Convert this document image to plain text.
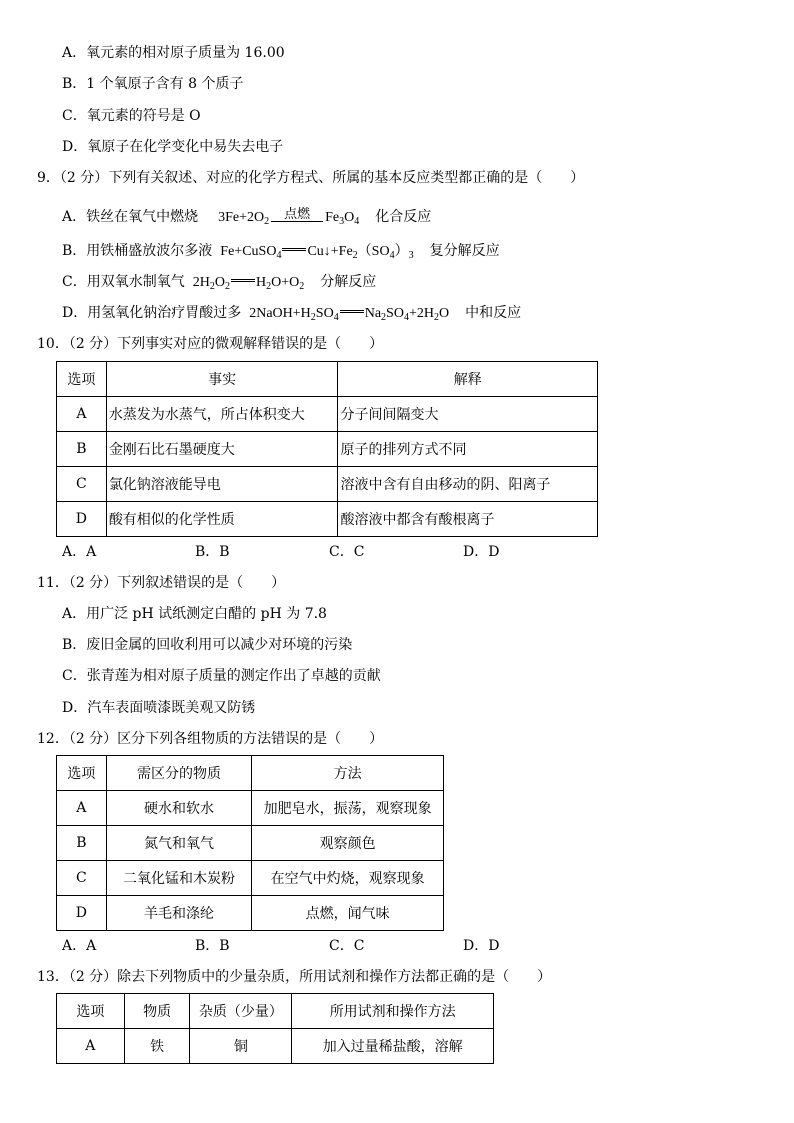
A．氧元素的相对原子质量为 16.00
B．1 个氧原子含有 8 个质子
C．氧元素的符号是 O
D．氧原子在化学变化中易失去电子
9．（2 分）下列有关叙述、对应的化学方程式、所属的基本反应类型都正确的是（　　）
A．铁丝在氧气中燃烧 $3Fe+2O_2$
点燃	$Fe_3O_4$ 化合反应
B．用铁桶盛放波尔多液 Fe+CuSO$_4$ $Cu↓+Fe_2(SO_4)_3$ 复分解反应
C．用双氧水制氧气 $2H_2O_2$ $H_2O+O_2$ 分解反应
D．用氢氧化钠治疗胃酸过多 $2NaOH+H_2SO_4$ $Na_2SO_4+2H_2O$ 中和反应
10．（2 分）下列事实对应的微观解释错误的是（　　）
选项	事实	解释
A	水蒸发为水蒸气，所占体积变大	分子间间隔变大
B	金刚石比石墨硬度大	原子的排列方式不同
C	氯化钠溶液能导电	溶液中含有自由移动的阴、阳离子
D	酸有相似的化学性质	酸溶液中都含有酸根离子
A．A	B．B	C．C	D．D
11．（2 分）下列叙述错误的是（　　）
A．用广泛 pH 试纸测定白醋的 pH 为 7.8
B．废旧金属的回收利用可以减少对环境的污染
C．张青莲为相对原子质量的测定作出了卓越的贡献
D．汽车表面喷漆既美观又防锈
12．（2 分）区分下列各组物质的方法错误的是（　　）
选项	需区分的物质	方法
A	硬水和软水	加肥皂水，振荡，观察现象
B	氮气和氧气	观察颜色
C	二氧化锰和木炭粉	在空气中灼烧，观察现象
D	羊毛和涤纶	点燃，闻气味
A．A	B．B	C．C	D．D
13．（2 分）除去下列物质中的少量杂质，所用试剂和操作方法都正确的是（　　）
选项	物质	杂质（少量）	所用试剂和操作方法
A	铁	铜	加入过量稀盐酸，溶解
